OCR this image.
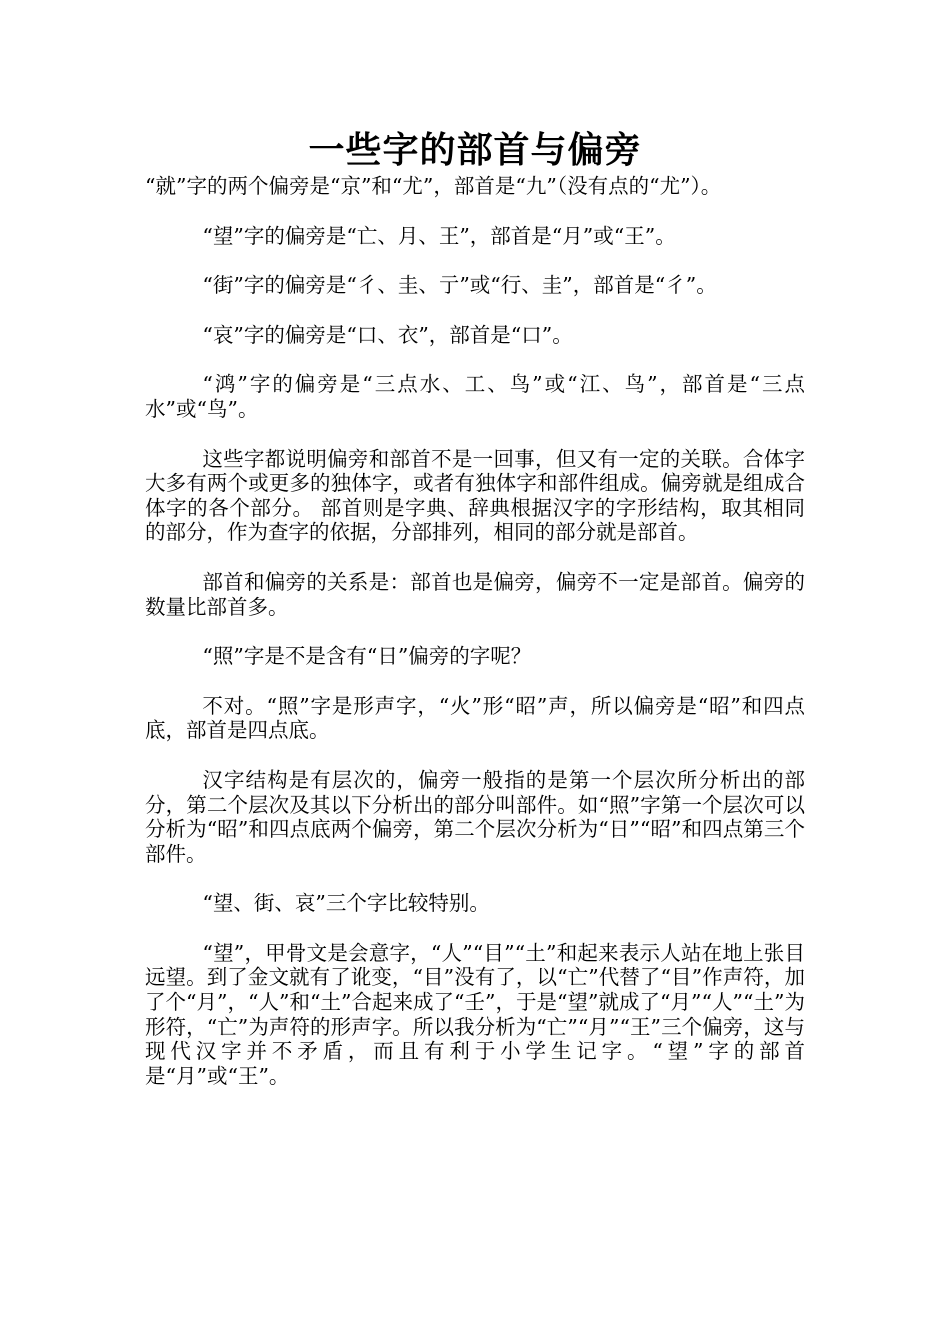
一些字的部首与偏旁

“就”字的两个偏旁是“京”和“尤”，部首是“九”（没有点的“尤”）。

“望”字的偏旁是“亡、月、王”，部首是“月”或“王”。

“街”字的偏旁是“彳、圭、亍”或“行、圭”，部首是“彳”。

“哀”字的偏旁是“口、衣”，部首是“口”。

“鸿”字的偏旁是“三点水、工、鸟”或“江、鸟”，部首是“三点水”或“鸟”。

这些字都说明偏旁和部首不是一回事，但又有一定的关联。合体字大多有两个或更多的独体字，或者有独体字和部件组成。偏旁就是组成合体字的各个部分。 部首则是字典、辞典根据汉字的字形结构，取其相同的部分，作为查字的依据，分部排列，相同的部分就是部首。

部首和偏旁的关系是：部首也是偏旁，偏旁不一定是部首。偏旁的数量比部首多。

“照”字是不是含有“日”偏旁的字呢？

不对。“照”字是形声字，“火”形“昭”声，所以偏旁是“昭”和四点底，部首是四点底。

汉字结构是有层次的，偏旁一般指的是第一个层次所分析出的部分，第二个层次及其以下分析出的部分叫部件。如“照”字第一个层次可以分析为“昭”和四点底两个偏旁，第二个层次分析为“日”“昭”和四点第三个部件。

“望、街、哀”三个字比较特别。

“望”，甲骨文是会意字，“人”“目”“土”和起来表示人站在地上张目远望。到了金文就有了讹变，“目”没有了，以“亡”代替了“目”作声符，加了个“月”，“人”和“土”合起来成了“壬”，于是“望”就成了“月”“人”“土”为形符，“亡”为声符的形声字。所以我分析为“亡”“月”“王”三个偏旁，这与现代汉字并不矛盾，而且有利于小学生记字。“望”字的部首是“月”或“王”。
